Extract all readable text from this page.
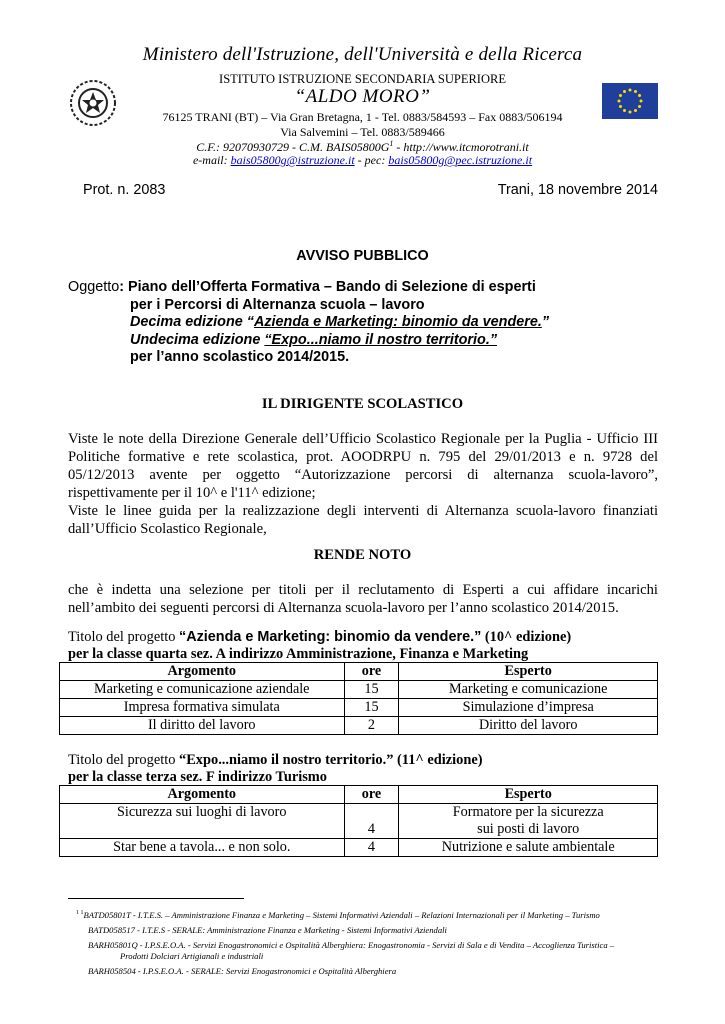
Ministero dell'Istruzione, dell'Università e della Ricerca
ISTITUTO ISTRUZIONE SECONDARIA SUPERIORE
“ALDO MORO”
76125 TRANI (BT) – Via Gran Bretagna, 1 - Tel. 0883/584593 – Fax 0883/506194
Via Salvemini – Tel. 0883/589466
C.F.: 92070930729 - C.M. $BAIS05800G^1$ - http://www.itcmorotrani.it
e-mail: bais05800g@istruzione.it - pec: bais05800g@pec.istruzione.it
Prot. n. 2083	Trani, 18 novembre 2014
AVVISO PUBBLICO
Oggetto: Piano dell’Offerta Formativa – Bando di Selezione di esperti
per i Percorsi di Alternanza scuola – lavoro
Decima edizione “Azienda e Marketing: binomio da vendere.”
Undecima edizione “Expo...niamo il nostro territorio.”
per l’anno scolastico 2014/2015.
IL DIRIGENTE SCOLASTICO
Viste le note della Direzione Generale dell’Ufficio Scolastico Regionale per la Puglia - Ufficio III
Politiche formative e rete scolastica, prot. AOODRPU n. 795 del 29/01/2013 e n. 9728 del
05/12/2013 avente per oggetto “Autorizzazione percorsi di alternanza scuola-lavoro”,
rispettivamente per il 10^ e l'11^ edizione;
Viste le linee guida per la realizzazione degli interventi di Alternanza scuola-lavoro finanziati
dall’Ufficio Scolastico Regionale,
RENDE NOTO
che è indetta una selezione per titoli per il reclutamento di Esperti a cui affidare incarichi
nell’ambito dei seguenti percorsi di Alternanza scuola-lavoro per l’anno scolastico 2014/2015.
Titolo del progetto “Azienda e Marketing: binomio da vendere.” (10^ edizione)
per la classe quarta sez. A indirizzo Amministrazione, Finanza e Marketing
Argomento	ore	Esperto
Marketing e comunicazione aziendale	15	Marketing e comunicazione
Impresa formativa simulata	15	Simulazione d’impresa
Il diritto del lavoro	2	Diritto del lavoro
Titolo del progetto “Expo...niamo il nostro territorio.” (11^ edizione)
per la classe terza sez. F indirizzo Turismo
Argomento	ore	Esperto
Sicurezza sui luoghi di lavoro	4	Formatore per la sicurezza
sui posti di lavoro

Star bene a tavola... e non solo.	4	Nutrizione e salute ambientale
$^{1 1}$BATD05801T - I.T.E.S. – Amministrazione Finanza e Marketing – Sistemi Informativi Aziendali – Relazioni Internazionali per il Marketing – Turismo
BATD058517 - I.T.E.S - SERALE: Amministrazione Finanza e Marketing - Sistemi Informativi Aziendali
BARH05801Q - I.P.S.E.O.A. - Servizi Enogastronomici e Ospitalità Alberghiera: Enogastronomia - Servizi di Sala e di Vendita – Accoglienza Turistica –
Prodotti Dolciari Artigianali e industriali
BARH058504 - I.P.S.E.O.A. - SERALE: Servizi Enogastronomici e Ospitalità Alberghiera
